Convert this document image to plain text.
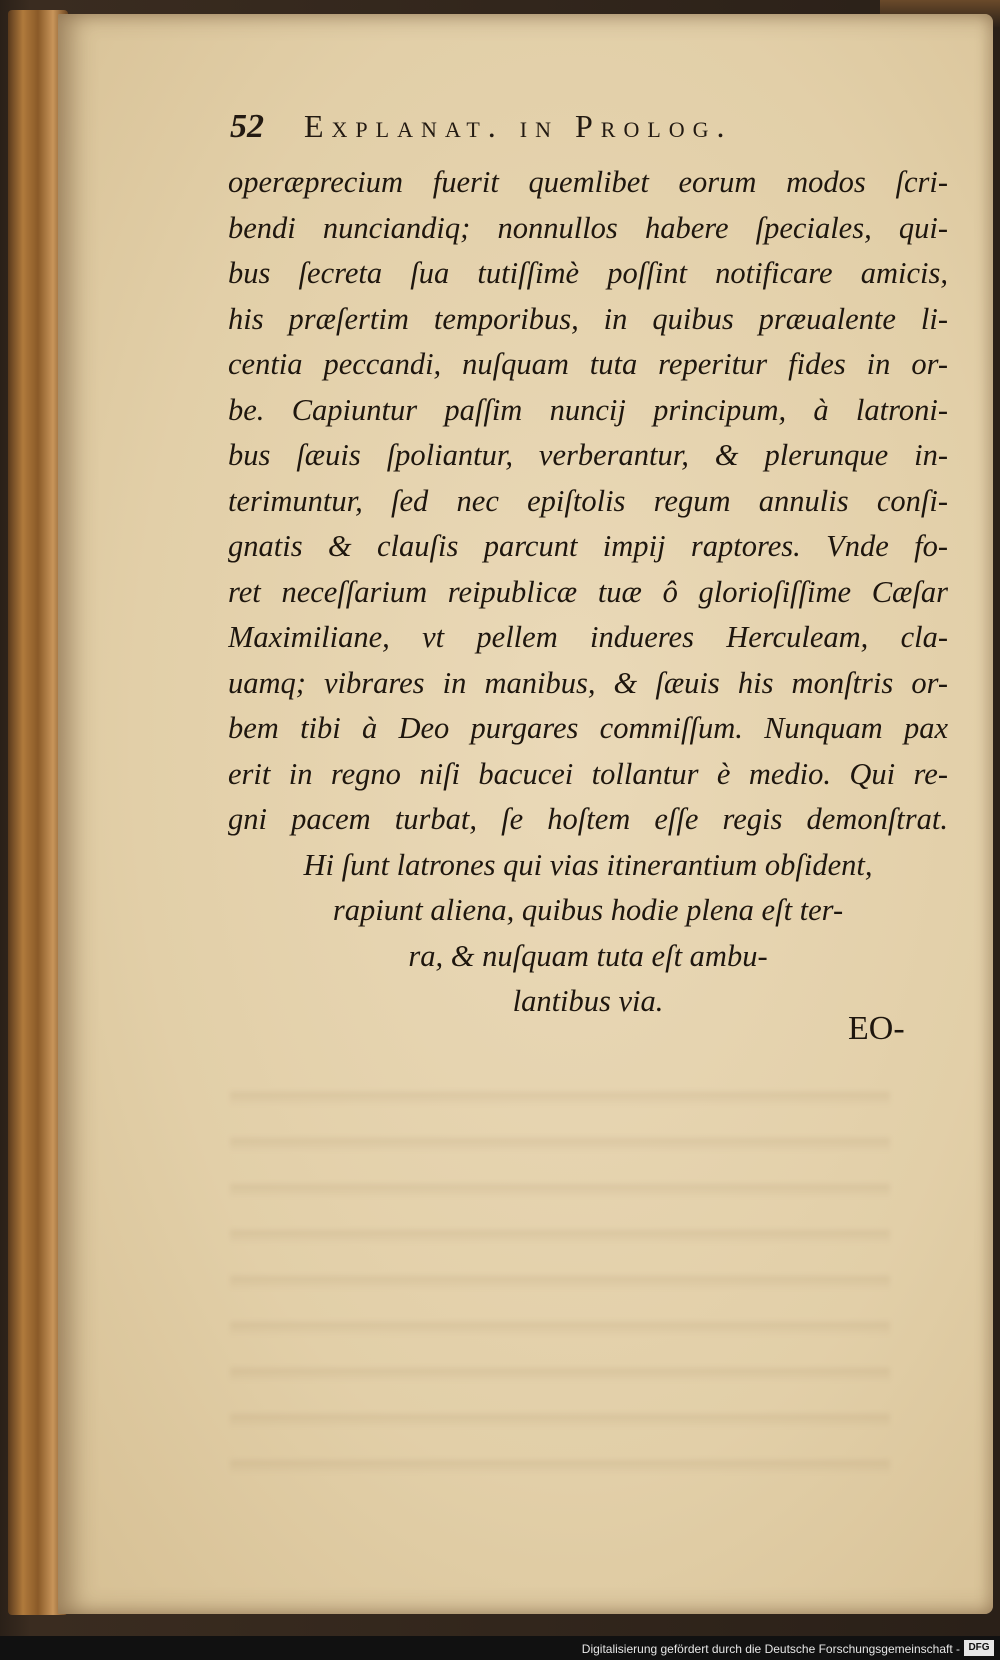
52 Explanat. in Prolog.
operæprecium fuerit quemlibet eorum modos ſcri-
bendi nunciandiq; nonnullos habere ſpeciales, qui-
bus ſecreta ſua tutiſſimè poſſint notificare amicis,
his præſertim temporibus, in quibus præualente li-
centia peccandi, nuſquam tuta reperitur fides in or-
be. Capiuntur paſſim nuncij principum, à latroni-
bus ſæuis ſpoliantur, verberantur, & plerunque in-
terimuntur, ſed nec epiſtolis regum annulis conſi-
gnatis & clauſis parcunt impij raptores. Vnde fo-
ret neceſſarium reipublicæ tuæ ô glorioſiſſime Cæſar
Maximiliane, vt pellem indueres Herculeam, cla-
uamq; vibrares in manibus, & ſæuis his monſtris or-
bem tibi à Deo purgares commiſſum. Nunquam pax
erit in regno niſi bacucei tollantur è medio. Qui re-
gni pacem turbat, ſe hoſtem eſſe regis demonſtrat.
Hi ſunt latrones qui vias itinerantium obſident,
rapiunt aliena, quibus hodie plena eſt ter-
ra, & nuſquam tuta eſt ambu-
lantibus via.
EO-
Digitalisierung gefördert durch die Deutsche Forschungsgemeinschaft - DFG
